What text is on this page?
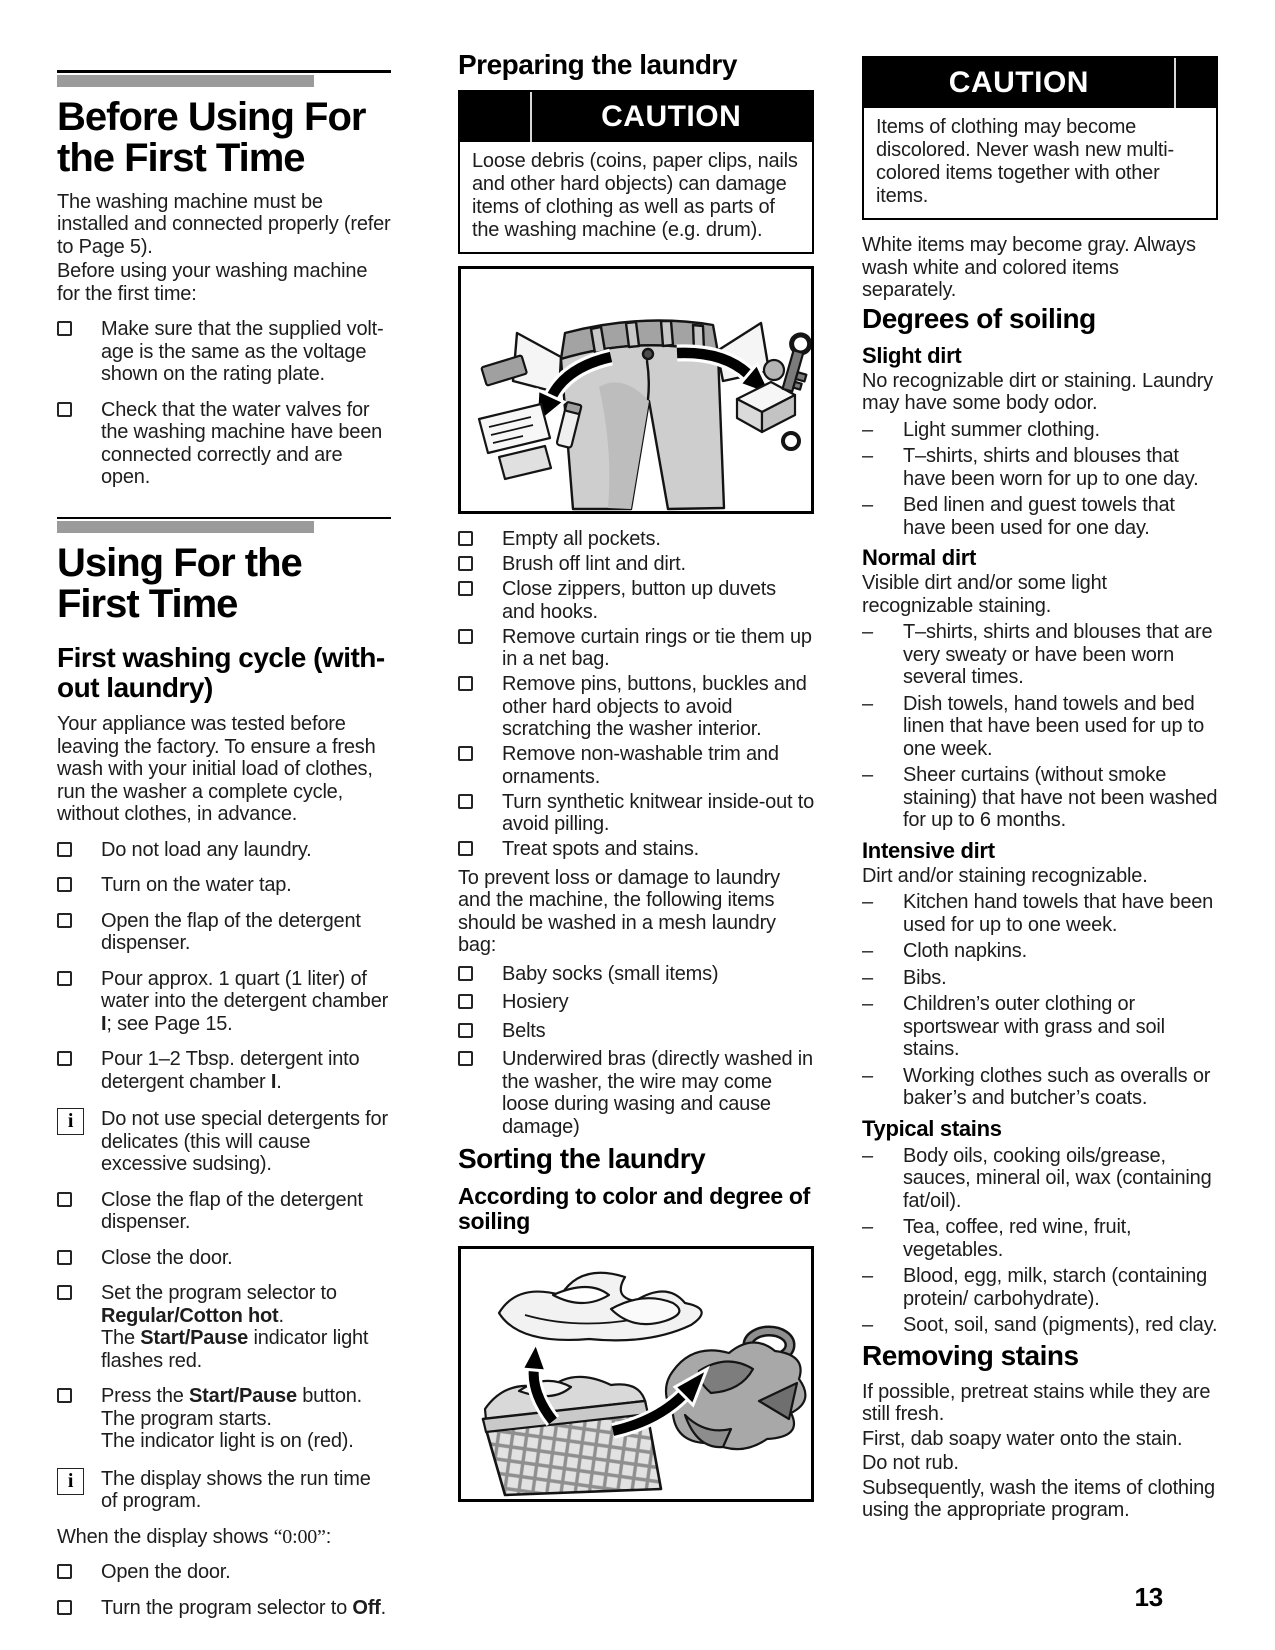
Before Using For the First Time

The washing machine must be installed and connected properly (refer to Page 5).

Before using your washing machine for the first time:

Make sure that the supplied voltage is the same as the voltage shown on the rating plate.
Check that the water valves for the washing machine have been connected correctly and are open.
Using For the First Time
First washing cycle (without laundry)

Your appliance was tested before leaving the factory. To ensure a fresh wash with your initial load of clothes, run the washer a complete cycle, without clothes, in advance.

Do not load any laundry.
Turn on the water tap.
Open the flap of the detergent dispenser.
Pour approx. 1 quart (1 liter) of water into the detergent chamber I; see Page 15.
Pour 1–2 Tbsp. detergent into detergent chamber I.
i	Do not use special detergents for delicates (this will cause excessive sudsing).
Close the flap of the detergent dispenser.
Close the door.
Set the program selector to Regular/Cotton hot.
The Start/Pause indicator light flashes red.
Press the Start/Pause button.
The program starts.
The indicator light is on (red).
i	The display shows the run time of program.

When the display shows “0:00”:

Open the door.
Turn the program selector to Off.
Preparing the laundry
CAUTION
Loose debris (coins, paper clips, nails and other hard objects) can damage items of clothing as well as parts of the washing machine (e.g. drum).
Empty all pockets.
Brush off lint and dirt.
Close zippers, button up duvets and hooks.
Remove curtain rings or tie them up in a net bag.
Remove pins, buttons, buckles and other hard objects to avoid scratching the washer interior.
Remove non-washable trim and ornaments.
Turn synthetic knitwear inside-out to avoid pilling.
Treat spots and stains.

To prevent loss or damage to laundry and the machine, the following items should be washed in a mesh laundry bag:

Baby socks (small items)
Hosiery
Belts
Underwired bras (directly washed in the washer, the wire may come loose during wasing and cause damage)
Sorting the laundry
According to color and degree of soiling
CAUTION
Items of clothing may become discolored. Never wash new multi-colored items together with other items.

White items may become gray. Always wash white and colored items separately.

Degrees of soiling
Slight dirt

No recognizable dirt or staining. Laundry may have some body odor.

–	Light summer clothing.
–	T–shirts, shirts and blouses that have been worn for up to one day.
–	Bed linen and guest towels that have been used for one day.
Normal dirt

Visible dirt and/or some light recognizable staining.

–	T–shirts, shirts and blouses that are very sweaty or have been worn several times.
–	Dish towels, hand towels and bed linen that have been used for up to one week.
–	Sheer curtains (without smoke staining) that have not been washed for up to 6 months.
Intensive dirt

Dirt and/or staining recognizable.

–	Kitchen hand towels that have been used for up to one week.
–	Cloth napkins.
–	Bibs.
–	Children’s outer clothing or sportswear with grass and soil stains.
–	Working clothes such as overalls or baker’s and butcher’s coats.
Typical stains
–	Body oils, cooking oils/grease, sauces, mineral oil, wax (containing fat/oil).
–	Tea, coffee, red wine, fruit, vegetables.
–	Blood, egg, milk, starch (containing protein/ carbohydrate).
–	Soot, soil, sand (pigments), red clay.
Removing stains

If possible, pretreat stains while they are still fresh.

First, dab soapy water onto the stain.

Do not rub.

Subsequently, wash the items of clothing using the appropriate program.

13
